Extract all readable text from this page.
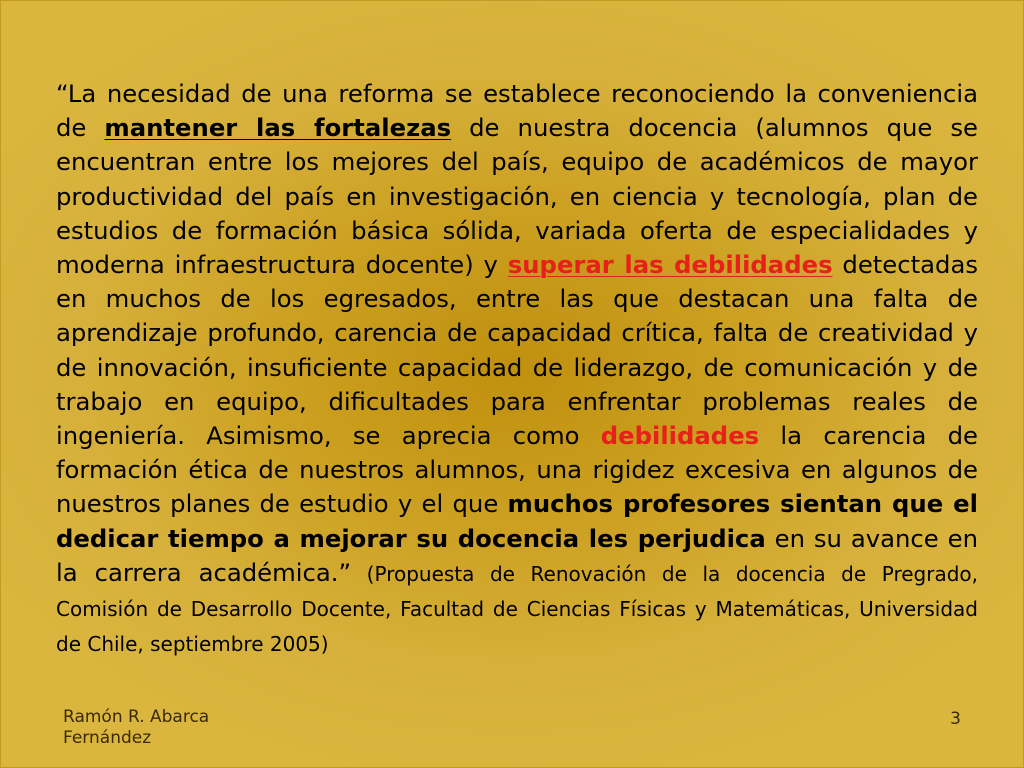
“La necesidad de una reforma se establece reconociendo la conveniencia de mantener las fortalezas de nuestra docencia (alumnos que se encuentran entre los mejores del país, equipo de académicos de mayor productividad del país en investigación, en ciencia y tecnología, plan de estudios de formación básica sólida, variada oferta de especialidades y moderna infraestructura docente) y superar las debilidades detectadas en muchos de los egresados, entre las que destacan una falta de aprendizaje profundo, carencia de capacidad crítica, falta de creatividad y de innovación, insuficiente capacidad de liderazgo, de comunicación y de trabajo en equipo, dificultades para enfrentar problemas reales de ingeniería. Asimismo, se aprecia como debilidades la carencia de formación ética de nuestros alumnos, una rigidez excesiva en algunos de nuestros planes de estudio y el que muchos profesores sientan que el dedicar tiempo a mejorar su docencia les perjudica en su avance en la carrera académica.” (Propuesta de Renovación de la docencia de Pregrado, Comisión de Desarrollo Docente, Facultad de Ciencias Físicas y Matemáticas, Universidad de Chile, septiembre 2005)

Ramón R. Abarca Fernández
3
